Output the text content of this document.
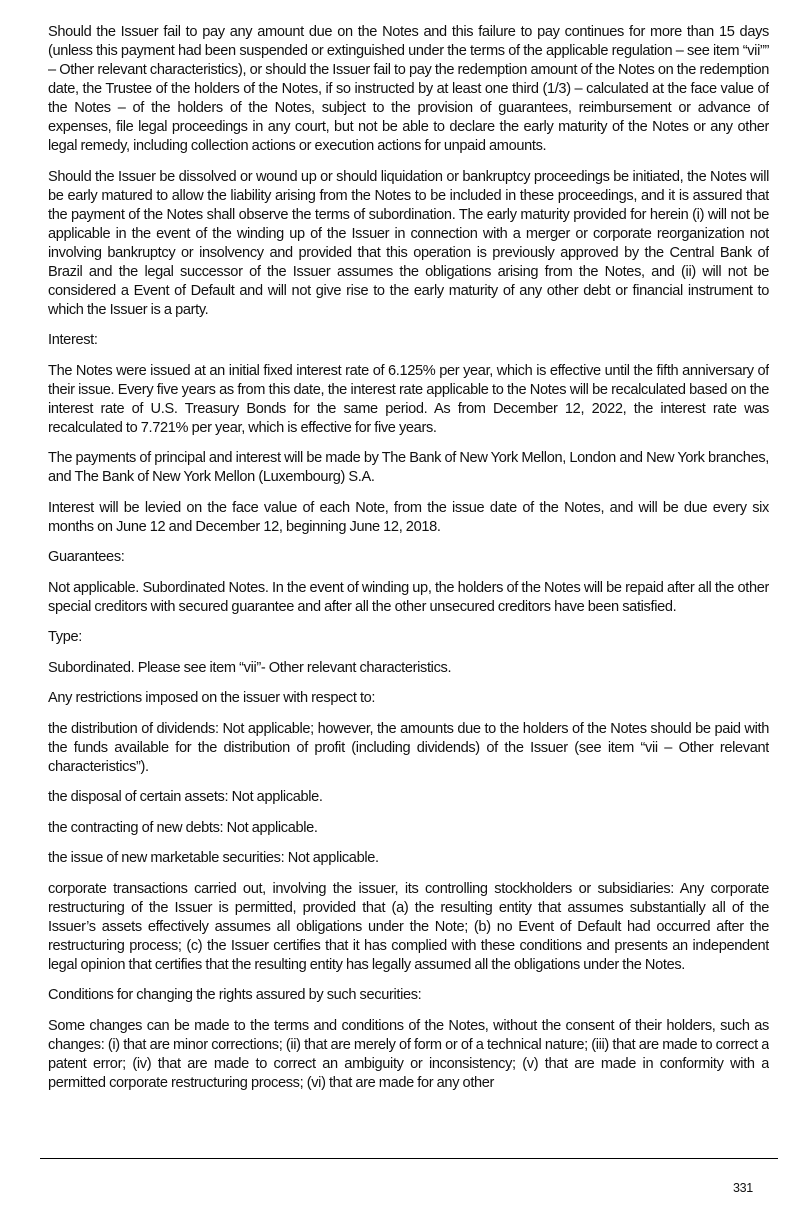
Should the Issuer fail to pay any amount due on the Notes and this failure to pay continues for more than 15 days (unless this payment had been suspended or extinguished under the terms of the applicable regulation – see item “vii”” – Other relevant characteristics), or should the Issuer fail to pay the redemption amount of the Notes on the redemption date, the Trustee of the holders of the Notes, if so instructed by at least one third (1/3) – calculated at the face value of the Notes – of the holders of the Notes, subject to the provision of guarantees, reimbursement or advance of expenses, file legal proceedings in any court, but not be able to declare the early maturity of the Notes or any other legal remedy, including collection actions or execution actions for unpaid amounts.

Should the Issuer be dissolved or wound up or should liquidation or bankruptcy proceedings be initiated, the Notes will be early matured to allow the liability arising from the Notes to be included in these proceedings, and it is assured that the payment of the Notes shall observe the terms of subordination. The early maturity provided for herein (i) will not be applicable in the event of the winding up of the Issuer in connection with a merger or corporate reorganization not involving bankruptcy or insolvency and provided that this operation is previously approved by the Central Bank of Brazil and the legal successor of the Issuer assumes the obligations arising from the Notes, and (ii) will not be considered a Event of Default and will not give rise to the early maturity of any other debt or financial instrument to which the Issuer is a party.

Interest:

The Notes were issued at an initial fixed interest rate of 6.125% per year, which is effective until the fifth anniversary of their issue. Every five years as from this date, the interest rate applicable to the Notes will be recalculated based on the interest rate of U.S. Treasury Bonds for the same period. As from December 12, 2022, the interest rate was recalculated to 7.721% per year, which is effective for five years.

The payments of principal and interest will be made by The Bank of New York Mellon, London and New York branches, and The Bank of New York Mellon (Luxembourg) S.A.

Interest will be levied on the face value of each Note, from the issue date of the Notes, and will be due every six months on June 12 and December 12, beginning June 12, 2018.

Guarantees:

Not applicable. Subordinated Notes. In the event of winding up, the holders of the Notes will be repaid after all the other special creditors with secured guarantee and after all the other unsecured creditors have been satisfied.

Type:

Subordinated. Please see item “vii”- Other relevant characteristics.

Any restrictions imposed on the issuer with respect to:

the distribution of dividends: Not applicable; however, the amounts due to the holders of the Notes should be paid with the funds available for the distribution of profit (including dividends) of the Issuer (see item “vii – Other relevant characteristics”).

the disposal of certain assets: Not applicable.

the contracting of new debts: Not applicable.

the issue of new marketable securities: Not applicable.

corporate transactions carried out, involving the issuer, its controlling stockholders or subsidiaries: Any corporate restructuring of the Issuer is permitted, provided that (a) the resulting entity that assumes substantially all of the Issuer’s assets effectively assumes all obligations under the Note; (b) no Event of Default had occurred after the restructuring process; (c) the Issuer certifies that it has complied with these conditions and presents an independent legal opinion that certifies that the resulting entity has legally assumed all the obligations under the Notes.

Conditions for changing the rights assured by such securities:

Some changes can be made to the terms and conditions of the Notes, without the consent of their holders, such as changes: (i) that are minor corrections; (ii) that are merely of form or of a technical nature; (iii) that are made to correct a patent error; (iv) that are made to correct an ambiguity or inconsistency; (v) that are made in conformity with a permitted corporate restructuring process; (vi) that are made for any other

331
